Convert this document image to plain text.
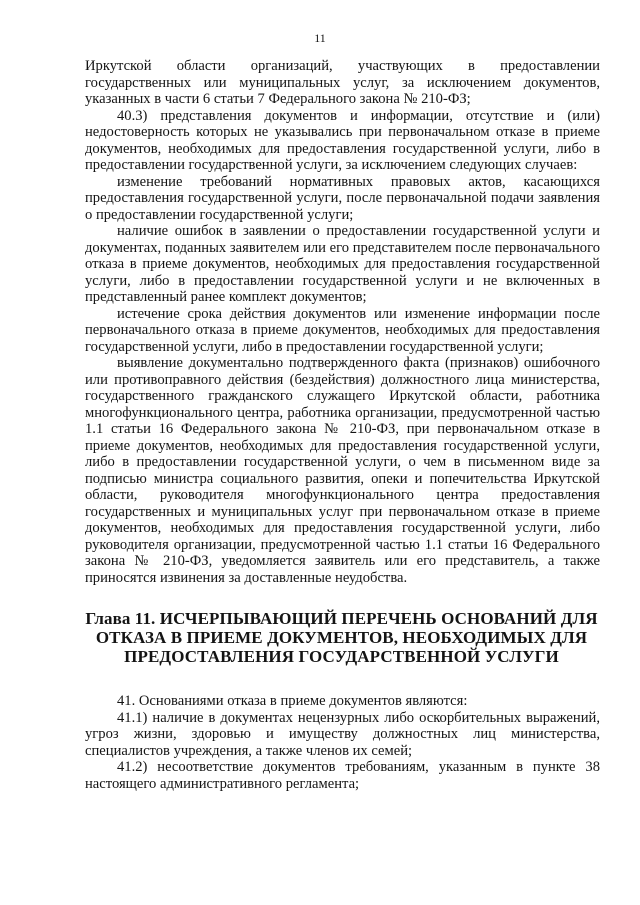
11

Иркутской области организаций, участвующих в предоставлении государственных или муниципальных услуг, за исключением документов, указанных в части 6 статьи 7 Федерального закона № 210-ФЗ;

40.3) представления документов и информации, отсутствие и (или) недостоверность которых не указывались при первоначальном отказе в приеме документов, необходимых для предоставления государственной услуги, либо в предоставлении государственной услуги, за исключением следующих случаев:

изменение требований нормативных правовых актов, касающихся предоставления государственной услуги, после первоначальной подачи заявления о предоставлении государственной услуги;

наличие ошибок в заявлении о предоставлении государственной услуги и документах, поданных заявителем или его представителем после первоначального отказа в приеме документов, необходимых для предоставления государственной услуги, либо в предоставлении государственной услуги и не включенных в представленный ранее комплект документов;

истечение срока действия документов или изменение информации после первоначального отказа в приеме документов, необходимых для предоставления государственной услуги, либо в предоставлении государственной услуги;

выявление документально подтвержденного факта (признаков) ошибочного или противоправного действия (бездействия) должностного лица министерства, государственного гражданского служащего Иркутской области, работника многофункционального центра, работника организации, предусмотренной частью 1.1 статьи 16 Федерального закона № 210-ФЗ, при первоначальном отказе в приеме документов, необходимых для предоставления государственной услуги, либо в предоставлении государственной услуги, о чем в письменном виде за подписью министра социального развития, опеки и попечительства Иркутской области, руководителя многофункционального центра предоставления государственных и муниципальных услуг при первоначальном отказе в приеме документов, необходимых для предоставления государственной услуги, либо руководителя организации, предусмотренной частью 1.1 статьи 16 Федерального закона № 210-ФЗ, уведомляется заявитель или его представитель, а также приносятся извинения за доставленные неудобства.

Глава 11. ИСЧЕРПЫВАЮЩИЙ ПЕРЕЧЕНЬ ОСНОВАНИЙ ДЛЯ ОТКАЗА В ПРИЕМЕ ДОКУМЕНТОВ, НЕОБХОДИМЫХ ДЛЯ ПРЕДОСТАВЛЕНИЯ ГОСУДАРСТВЕННОЙ УСЛУГИ

41. Основаниями отказа в приеме документов являются:

41.1) наличие в документах нецензурных либо оскорбительных выражений, угроз жизни, здоровью и имуществу должностных лиц министерства, специалистов учреждения, а также членов их семей;

41.2) несоответствие документов требованиям, указанным в пункте 38 настоящего административного регламента;
